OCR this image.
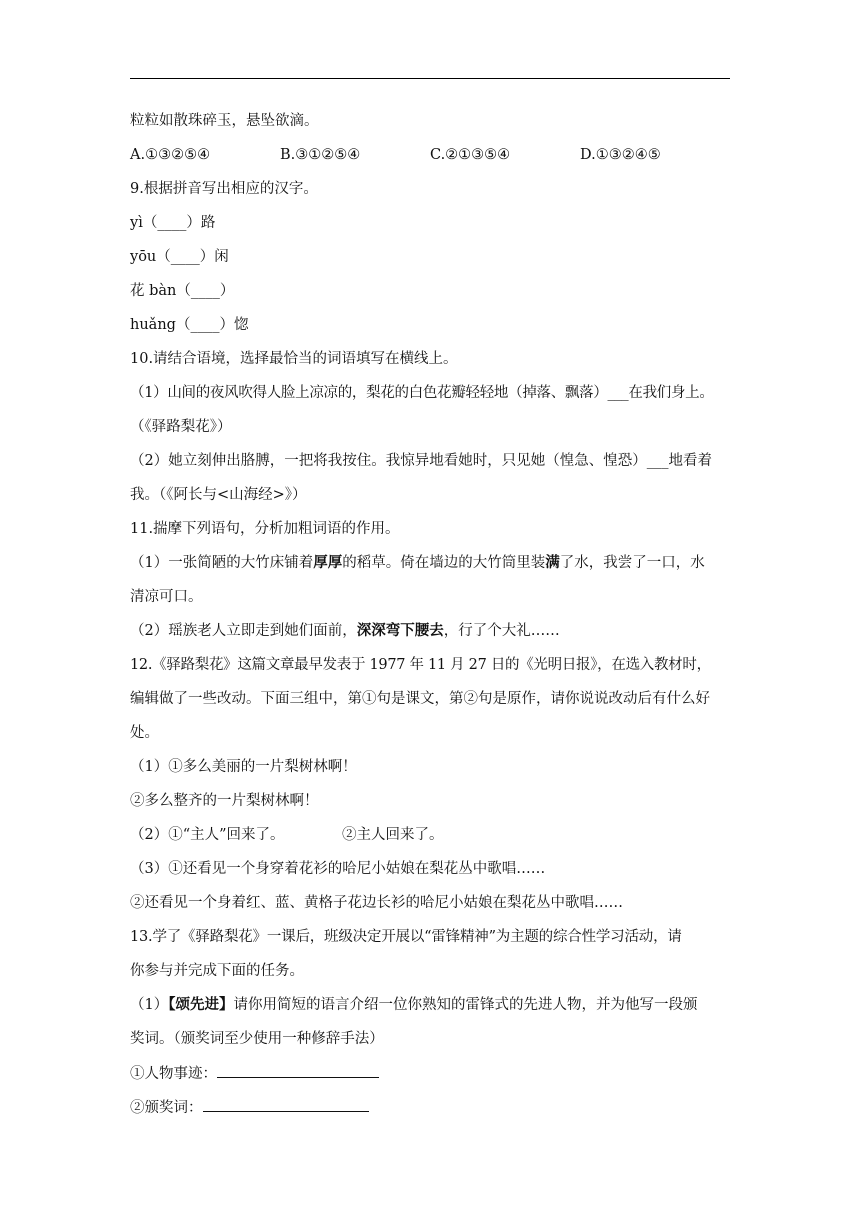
粒粒如散珠碎玉，悬坠欲滴。
A.①③②⑤④	B.③①②⑤④	C.②①③⑤④	D.①③②④⑤
9.根据拼音写出相应的汉字。
yì（____）路
yōu（____）闲
花 bàn（____）
huǎng（____）惚
10.请结合语境，选择最恰当的词语填写在横线上。
（1）山间的夜风吹得人脸上凉凉的，梨花的白色花瓣轻轻地（掉落、飘落）___在我们身上。
（《驿路梨花》）
（2）她立刻伸出胳膊，一把将我按住。我惊异地看她时，只见她（惶急、惶恐）___地看着
我。（《阿长与<山海经>》）
11.揣摩下列语句，分析加粗词语的作用。
（1）一张简陋的大竹床铺着厚厚的稻草。倚在墙边的大竹筒里装满了水，我尝了一口，水
清凉可口。
（2）瑶族老人立即走到她们面前，深深弯下腰去，行了个大礼……
12.《驿路梨花》这篇文章最早发表于 1977 年 11 月 27 日的《光明日报》，在选入教材时，
编辑做了一些改动。下面三组中，第①句是课文，第②句是原作，请你说说改动后有什么好
处。
（1）①多么美丽的一片梨树林啊！
②多么整齐的一片梨树林啊！
（2）①“主人”回来了。	②主人回来了。
（3）①还看见一个身穿着花衫的哈尼小姑娘在梨花丛中歌唱……
②还看见一个身着红、蓝、黄格子花边长衫的哈尼小姑娘在梨花丛中歌唱……
13.学了《驿路梨花》一课后，班级决定开展以“雷锋精神”为主题的综合性学习活动，请
你参与并完成下面的任务。
（1）【颂先进】请你用简短的语言介绍一位你熟知的雷锋式的先进人物，并为他写一段颁
奖词。（颁奖词至少使用一种修辞手法）
①人物事迹：
②颁奖词：
